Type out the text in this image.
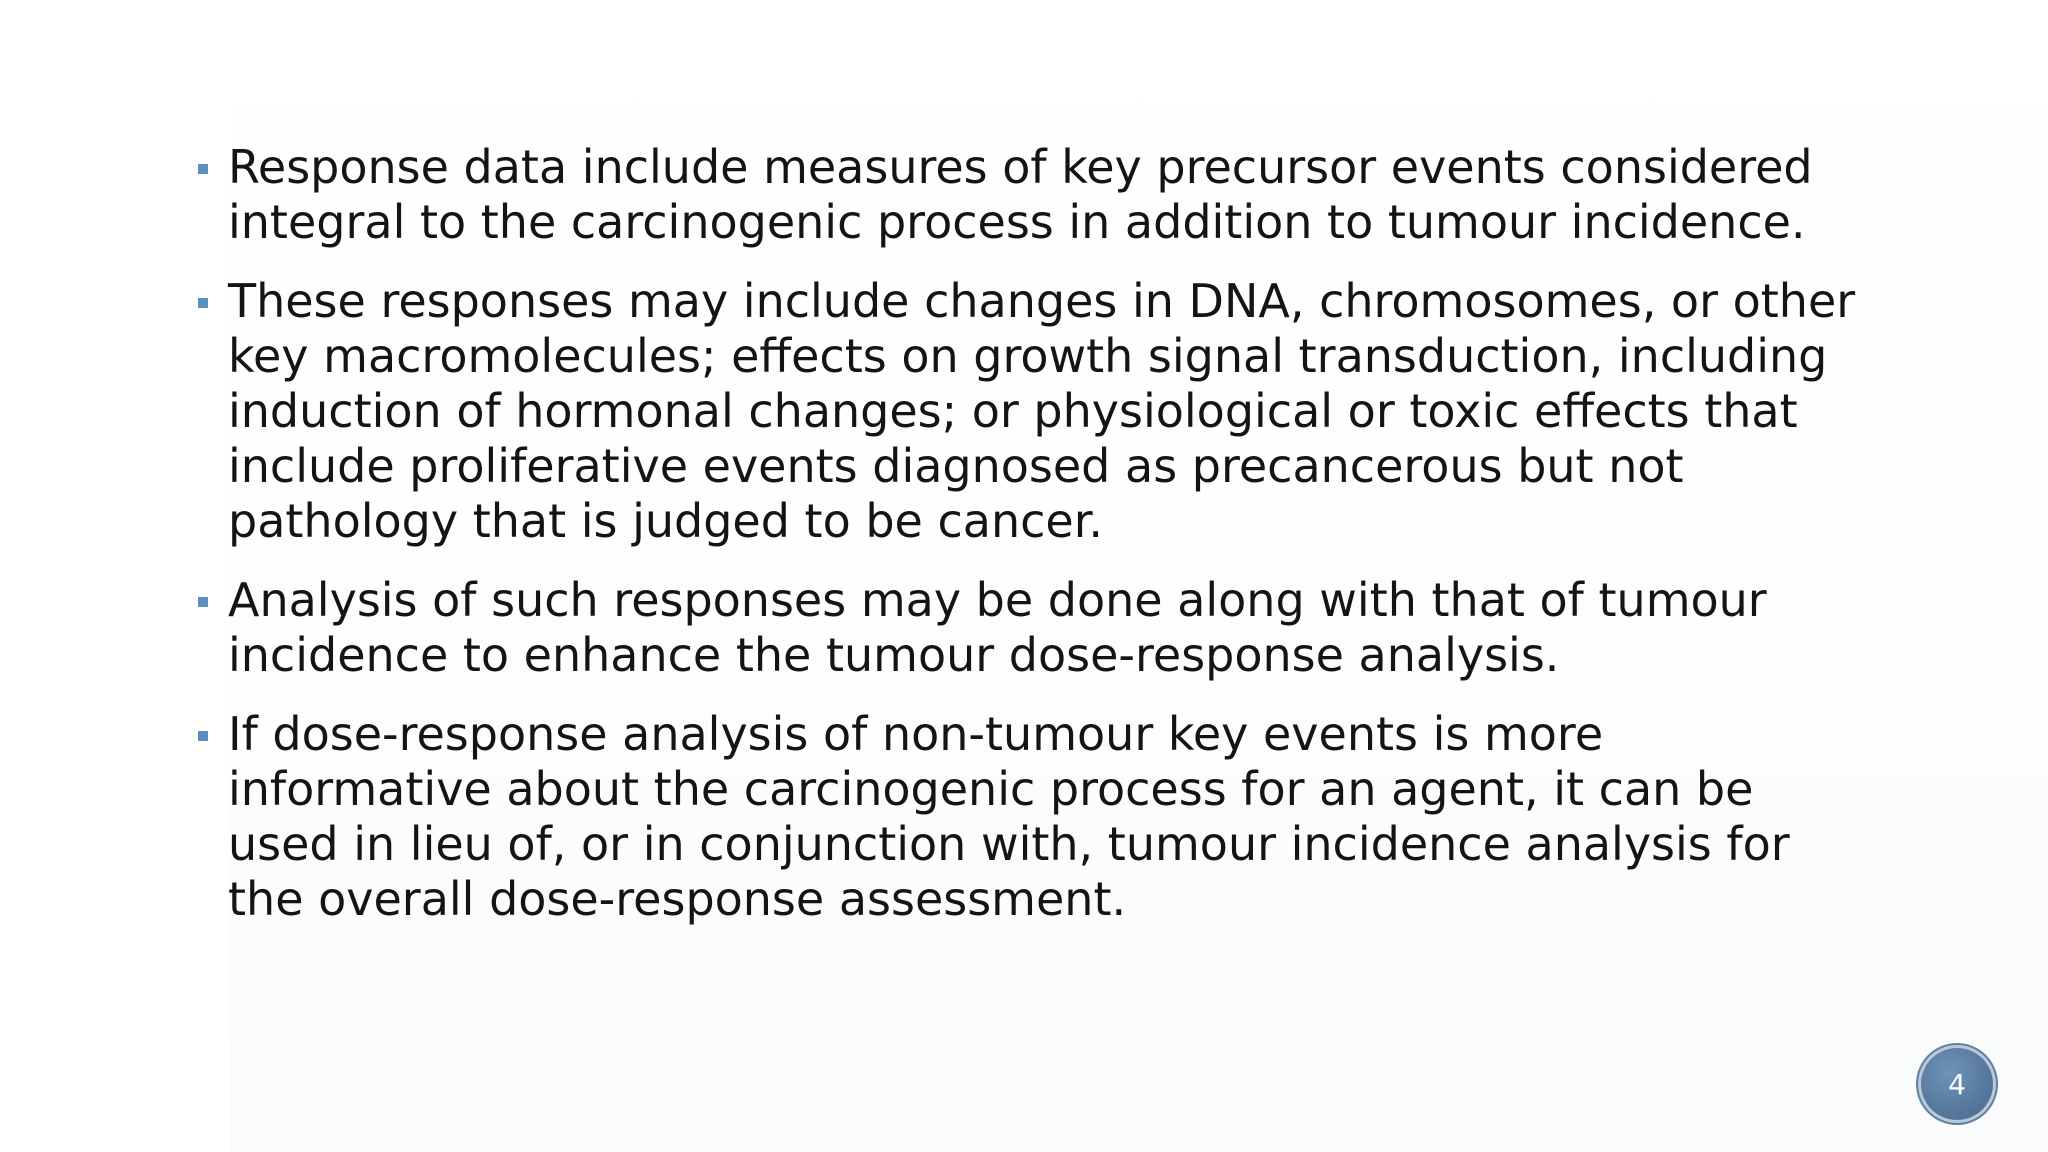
Response data include measures of key precursor events considered integral to the carcinogenic process in addition to tumour incidence.
These responses may include changes in DNA, chromosomes, or other key macromolecules; effects on growth signal transduction, including induction of hormonal changes; or physiological or toxic effects that include proliferative events diagnosed as precancerous but not pathology that is judged to be cancer.
Analysis of such responses may be done along with that of tumour incidence to enhance the tumour dose-response analysis.
If dose-response analysis of non-tumour key events is more informative about the carcinogenic process for an agent, it can be used in lieu of, or in conjunction with, tumour incidence analysis for the overall dose-response assessment.
4
